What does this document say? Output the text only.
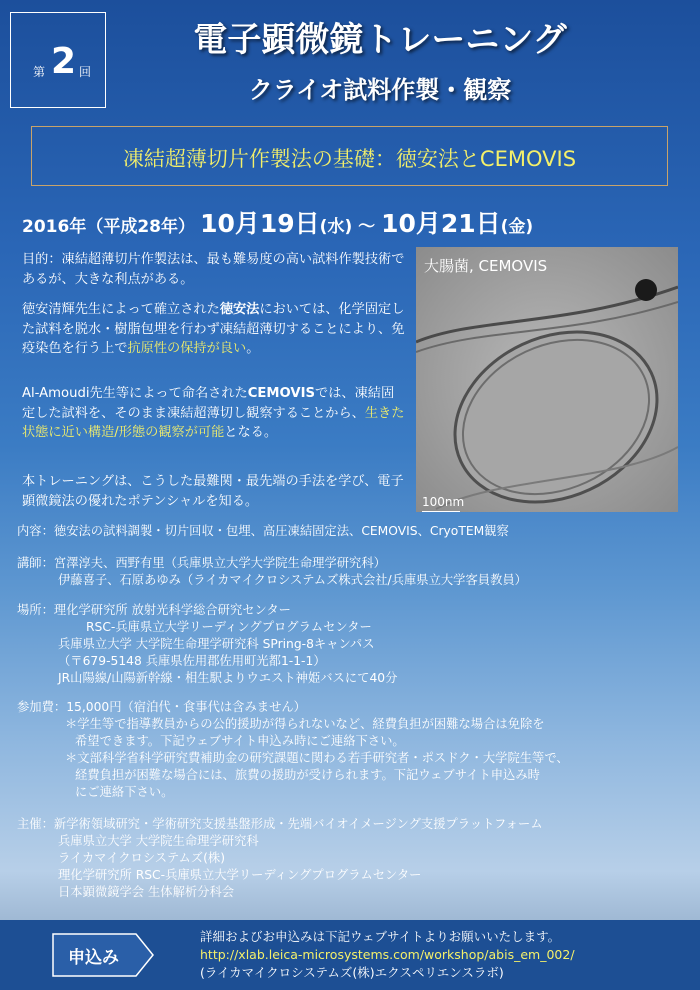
第 2 回
電子顕微鏡トレーニング
クライオ試料作製・観察
凍結超薄切片作製法の基礎：徳安法とCEMOVIS
2016年（平成28年） 10月19日(水) ～ 10月21日(金)
目的：凍結超薄切片作製法は、最も難易度の高い試料作製技術であるが、大きな利点がある。
徳安清輝先生によって確立された徳安法においては、化学固定した試料を脱水・樹脂包埋を行わず凍結超薄切することにより、免疫染色を行う上で抗原性の保持が良い。
Al-Amoudi先生等によって命名されたCEMOVISでは、凍結固定した試料を、そのまま凍結超薄切し観察することから、生きた状態に近い構造/形態の観察が可能となる。
本トレーニングは、こうした最難関・最先端の手法を学び、電子顕微鏡法の優れたポテンシャルを知る。
大腸菌, CEMOVIS
100nm
内容：徳安法の試料調製・切片回収・包埋、高圧凍結固定法、CEMOVIS、CryoTEM観察
講師：宮澤淳夫、西野有里（兵庫県立大学大学院生命理学研究科）
伊藤喜子、石原あゆみ（ライカマイクロシステムズ株式会社/兵庫県立大学客員教員）
場所：理化学研究所 放射光科学総合研究センター
RSC-兵庫県立大学リーディングプログラムセンター
兵庫県立大学 大学院生命理学研究科 SPring-8キャンパス
（〒679-5148 兵庫県佐用郡佐用町光都1-1-1）
JR山陽線/山陽新幹線・相生駅よりウエスト神姫バスにて40分
参加費：15,000円（宿泊代・食事代は含みません）
＊学生等で指導教員からの公的援助が得られないなど、経費負担が困難な場合は免除を
希望できます。下記ウェブサイト申込み時にご連絡下さい。
＊文部科学省科学研究費補助金の研究課題に関わる若手研究者・ポスドク・大学院生等で、
経費負担が困難な場合には、旅費の援助が受けられます。下記ウェブサイト申込み時
にご連絡下さい。
主催：新学術領域研究・学術研究支援基盤形成・先端バイオイメージング支援プラットフォーム
兵庫県立大学 大学院生命理学研究科
ライカマイクロシステムズ(株)
理化学研究所 RSC-兵庫県立大学リーディングプログラムセンター
日本顕微鏡学会 生体解析分科会
申込み
詳細およびお申込みは下記ウェブサイトよりお願いいたします。
http://xlab.leica-microsystems.com/workshop/abis_em_002/
(ライカマイクロシステムズ(株)エクスペリエンスラボ)
